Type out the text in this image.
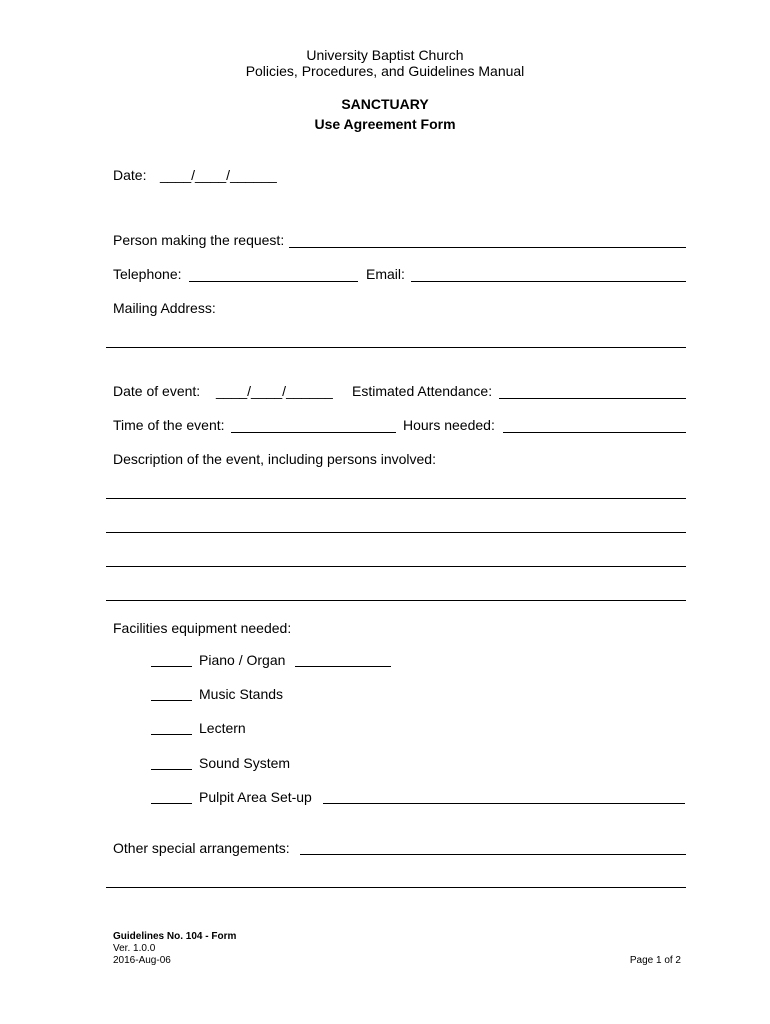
University Baptist Church
Policies, Procedures, and Guidelines Manual
SANCTUARY
Use Agreement Form
Date: ____/____/______
Person making the request:
Telephone:	Email:
Mailing Address:
Date of event: ____/____/______ Estimated Attendance:
Time of the event:	Hours needed:
Description of the event, including persons involved:
Facilities equipment needed:
Piano / Organ
Music Stands
Lectern
Sound System
Pulpit Area Set-up
Other special arrangements:
Guidelines No. 104 - Form
Ver. 1.0.0
2016-Aug-06	Page 1 of 2
